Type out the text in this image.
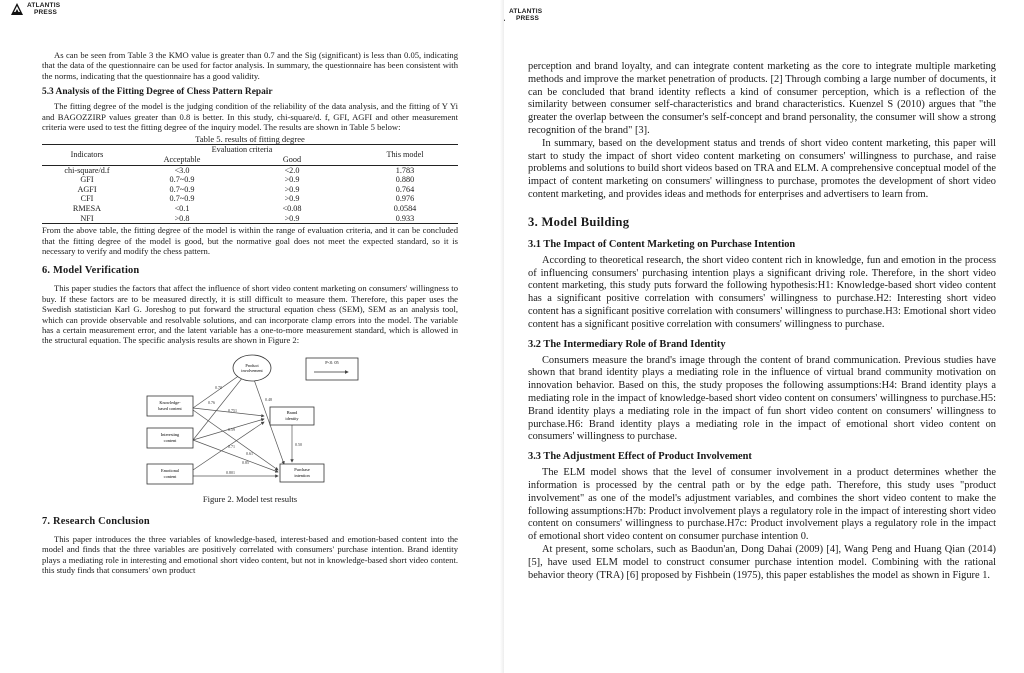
ATLANTIS
PRESS

As can be seen from Table 3 the KMO value is greater than 0.7 and the Sig (significant) is less than 0.05, indicating that the data of the questionnaire can be used for factor analysis. In summary, the questionnaire has been consistent with the norms, indicating that the questionnaire has a good validity.

5.3 Analysis of the Fitting Degree of Chess Pattern Repair

The fitting degree of the model is the judging condition of the reliability of the data analysis, and the fitting of Y Yi and BAGOZZIRP values greater than 0.8 is better. In this study, chi-square/d. f, GFI, AGFI and other measurement criteria were used to test the fitting degree of the inquiry model. The results are shown in Table 5 below:

Table 5. results of fitting degree
Indicators	Evaluation criteria		This model
	Acceptable	Good	
chi-square/d.f	<3.0	<2.0	1.783
GFI	0.7~0.9	>0.9	0.880
AGFI	0.7~0.9	>0.9	0.764
CFI	0.7~0.9	>0.9	0.976
RMESA	<0.1	<0.08	0.0584
NFI	>0.8	>0.9	0.933

From the above table, the fitting degree of the model is within the range of evaluation criteria, and it can be concluded that the fitting degree of the model is good, but the normative goal does not meet the expected standard, so it is necessary to verify and modify the chess pattern.

6. Model Verification

This paper studies the factors that affect the influence of short video content marketing on consumers' willingness to buy. If these factors are to be measured directly, it is still difficult to measure them. Therefore, this paper uses the Swedish statistician Karl G. Joreshog to put forward the structural equation chess (SEM), SEM as an analysis tool, which can provide observable and resolvable solutions, and can incorporate clamp errors into the model. The variable has a certain measurement error, and the latent variable has a one-to-more measurement standard, which is allowed in the structural equation. The specific analysis results are shown in Figure 2:

0.70
0.76
0.751
0.59
0.71
0.61
0.85
0.48
0.801
0.50
Product
involvement
Knowledge-
based content
Interesting
content
Emotional
content
Brand
identity
Purchase
intention
P<0. 05
Figure 2. Model test results
7. Research Conclusion

This paper introduces the three variables of knowledge-based, interest-based and emotion-based content into the model and finds that the three variables are positively correlated with consumers' purchase intention. Brand identity plays a mediating role in interesting and emotional short video content, but not in knowledge-based short video content. this study finds that consumers' own product

ATLANTIS
PRESS

perception and brand loyalty, and can integrate content marketing as the core to integrate multiple marketing methods and improve the market penetration of products. [2] Through combing a large number of documents, it can be concluded that brand identity reflects a kind of consumer perception, which is a reflection of the similarity between consumer self-characteristics and brand characteristics. Kuenzel S (2010) argues that "the greater the overlap between the consumer's self-concept and brand personality, the consumer will show a strong recognition of the brand" [3].

In summary, based on the development status and trends of short video content marketing, this paper will start to study the impact of short video content marketing on consumers' willingness to purchase, and raise problems and solutions to build short videos based on TRA and ELM. A comprehensive conceptual model of the impact of content marketing on consumers' willingness to purchase, promotes the development of short video content marketing, and provides ideas and methods for enterprises and advertisers to learn from.

3. Model Building
3.1 The Impact of Content Marketing on Purchase Intention

According to theoretical research, the short video content rich in knowledge, fun and emotion in the process of influencing consumers' purchasing intention plays a significant driving role. Therefore, in the short video content marketing, this study puts forward the following hypothesis:H1: Knowledge-based short video content has a significant positive correlation with consumers' willingness to purchase.H2: Interesting short video content has a significant positive correlation with consumers' willingness to purchase.H3: Emotional short video content has a significant positive correlation with consumers' willingness to purchase.

3.2 The Intermediary Role of Brand Identity

Consumers measure the brand's image through the content of brand communication. Previous studies have shown that brand identity plays a mediating role in the influence of virtual brand community motivation on innovation behavior. Based on this, the study proposes the following assumptions:H4: Brand identity plays a mediating role in the impact of knowledge-based short video content on consumers' willingness to purchase.H5: Brand identity plays a mediating role in the impact of fun short video content on consumers' willingness to purchase.H6: Brand identity plays a mediating role in the impact of emotional short video content on consumers' willingness to purchase.

3.3 The Adjustment Effect of Product Involvement

The ELM model shows that the level of consumer involvement in a product determines whether the information is processed by the central path or by the edge path. Therefore, this study uses "product involvement" as one of the model's adjustment variables, and combines the short video content to make the following assumptions:H7b: Product involvement plays a regulatory role in the impact of interesting short video content on consumers' willingness to purchase.H7c: Product involvement plays a regulatory role in the impact of emotional short video content on consumer purchase intention 0.

At present, some scholars, such as Baodun'an, Dong Dahai (2009) [4], Wang Peng and Huang Qian (2014) [5], have used ELM model to construct consumer purchase intention model. Combining with the rational behavior theory (TRA) [6] proposed by Fishbein (1975), this paper establishes the model as shown in Figure 1.
